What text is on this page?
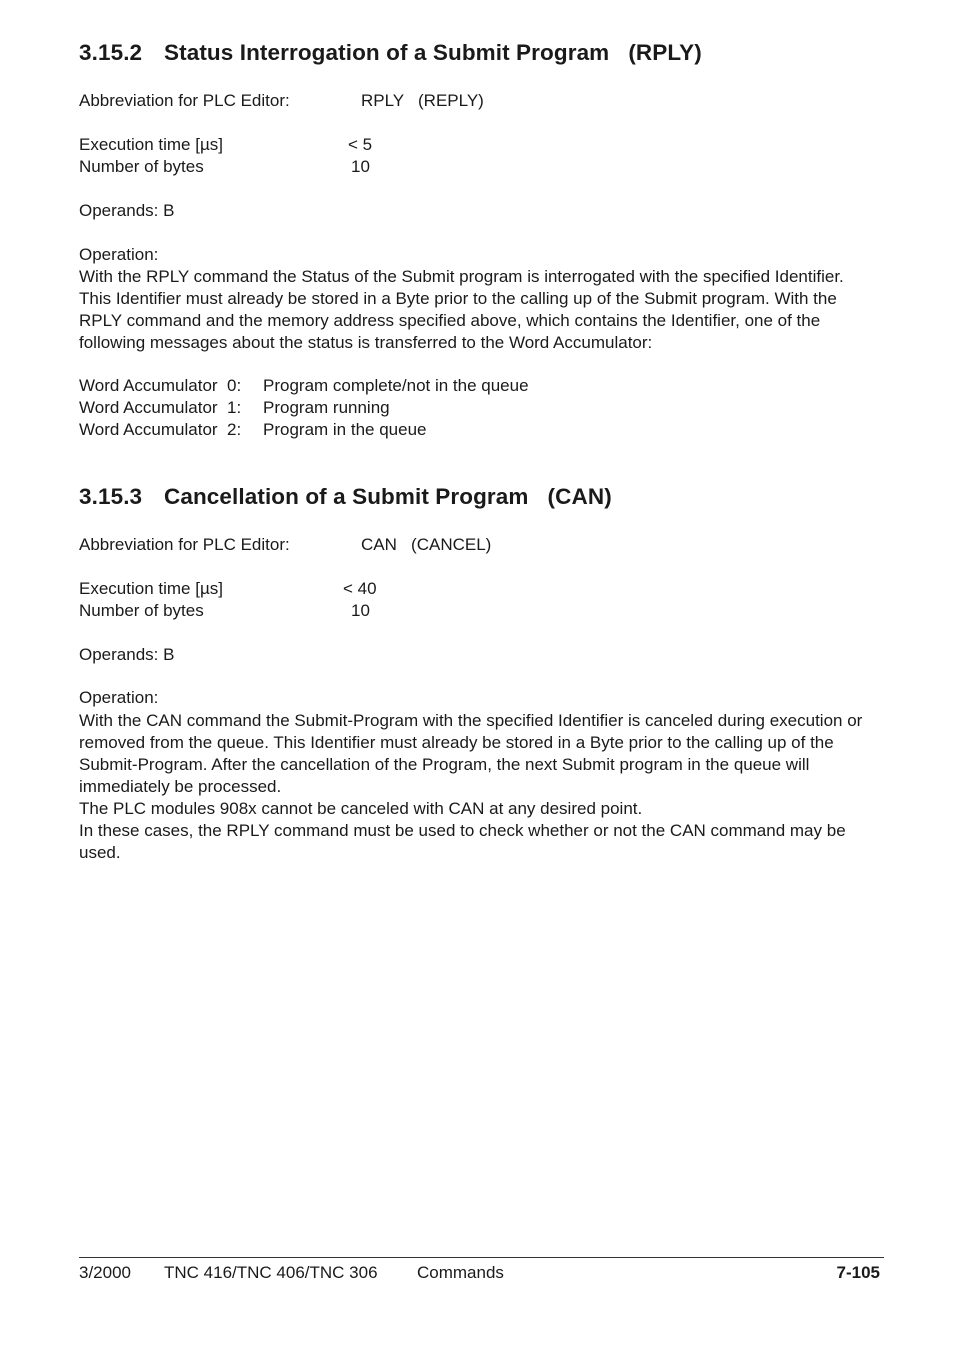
3.15.2 Status Interrogation of a Submit Program   (RPLY)
Abbreviation for PLC Editor:	RPLY   (REPLY)
Execution time [µs]	< 5
Number of bytes	10
Operands: B
Operation:

With the RPLY command the Status of the Submit program is interrogated with the specified Identifier. This Identifier must already be stored in a Byte prior to the calling up of the Submit program. With the RPLY command and the memory address specified above, which contains the Identifier, one of the following messages about the status is transferred to the Word Accumulator:

Word Accumulator  0: Program complete/not in the queue
Word Accumulator  1: Program running
Word Accumulator  2: Program in the queue
3.15.3 Cancellation of a Submit Program   (CAN)
Abbreviation for PLC Editor:	CAN   (CANCEL)
Execution time [µs]	< 40
Number of bytes	10
Operands: B
Operation:

With the CAN command the Submit-Program with the specified Identifier is canceled during execution or removed from the queue. This Identifier must already be stored in a Byte prior to the calling up of the Submit-Program. After the cancellation of the Program, the next Submit program in the queue will immediately be processed.

The PLC modules 908x cannot be canceled with CAN at any desired point.

In these cases, the RPLY command must be used to check whether or not the CAN command may be used.

3/2000 TNC 416/TNC 406/TNC 306 Commands	7-105
